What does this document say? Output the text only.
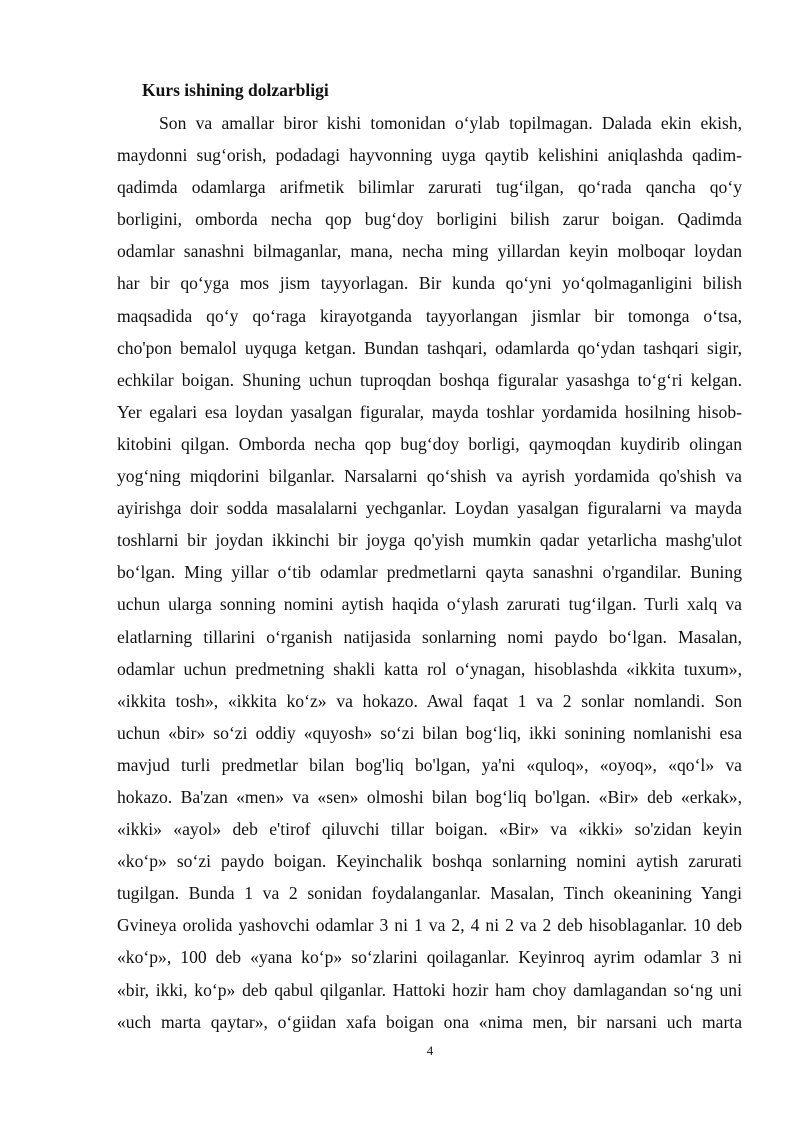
Kurs ishining dolzarbligi
Son va amallar biror kishi tomonidan o‘ylab topilmagan. Dalada ekin ekish,
maydonni sug‘orish, podadagi hayvonning uyga qaytib kelishini aniqlashda qadim-
qadimda odamlarga arifmetik bilimlar zarurati tug‘ilgan, qo‘rada qancha qo‘y
borligini, omborda necha qop bug‘doy borligini bilish zarur boigan. Qadimda
odamlar sanashni bilmaganlar, mana, necha ming yillardan keyin molboqar loydan
har bir qo‘yga mos jism tayyorlagan. Bir kunda qo‘yni yo‘qolmaganligini bilish
maqsadida qo‘y qo‘raga kirayotganda tayyorlangan jismlar bir tomonga o‘tsa,
cho'pon bemalol uyquga ketgan. Bundan tashqari, odamlarda qo‘ydan tashqari sigir,
echkilar boigan. Shuning uchun tuproqdan boshqa figuralar yasashga to‘g‘ri kelgan.
Yer egalari esa loydan yasalgan figuralar, mayda toshlar yordamida hosilning hisob-
kitobini qilgan. Omborda necha qop bug‘doy borligi, qaymoqdan kuydirib olingan
yog‘ning miqdorini bilganlar. Narsalarni qo‘shish va ayrish yordamida qo'shish va
ayirishga doir sodda masalalarni yechganlar. Loydan yasalgan figuralarni va mayda
toshlarni bir joydan ikkinchi bir joyga qo'yish mumkin qadar yetarlicha mashg'ulot
bo‘lgan. Ming yillar o‘tib odamlar predmetlarni qayta sanashni o'rgandilar. Buning
uchun ularga sonning nomini aytish haqida o‘ylash zarurati tug‘ilgan. Turli xalq va
elatlarning tillarini o‘rganish natijasida sonlarning nomi paydo bo‘lgan. Masalan,
odamlar uchun predmetning shakli katta rol o‘ynagan, hisoblashda «ikkita tuxum»,
«ikkita tosh», «ikkita ko‘z» va hokazo. Awal faqat 1 va 2 sonlar nomlandi. Son
uchun «bir» so‘zi oddiy «quyosh» so‘zi bilan bog‘liq, ikki sonining nomlanishi esa
mavjud turli predmetlar bilan bog'liq bo'lgan, ya'ni «quloq», «oyoq», «qo‘l» va
hokazo. Ba'zan «men» va «sen» olmoshi bilan bog‘liq bo'lgan. «Bir» deb «erkak»,
«ikki» «ayol» deb e'tirof qiluvchi tillar boigan. «Bir» va «ikki» so'zidan keyin
«ko‘p» so‘zi paydo boigan. Keyinchalik boshqa sonlarning nomini aytish zarurati
tugilgan. Bunda 1 va 2 sonidan foydalanganlar. Masalan, Tinch okeanining Yangi
Gvineya orolida yashovchi odamlar 3 ni 1 va 2, 4 ni 2 va 2 deb hisoblaganlar. 10 deb
«ko‘p», 100 deb «yana ko‘p» so‘zlarini qoilaganlar. Keyinroq ayrim odamlar 3 ni
«bir, ikki, ko‘p» deb qabul qilganlar. Hattoki hozir ham choy damlagandan so‘ng uni
«uch marta qaytar», o‘giidan xafa boigan ona «nima men, bir narsani uch marta
4
